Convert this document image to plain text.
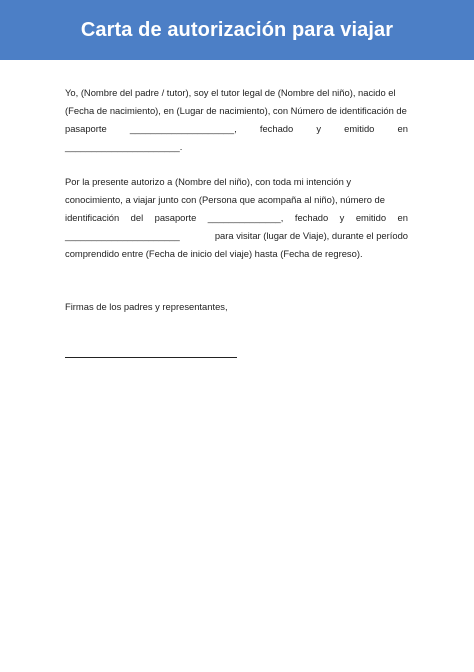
Carta de autorización para viajar
Yo, (Nombre del padre / tutor), soy el tutor legal de (Nombre del niño), nacido el
(Fecha de nacimiento), en (Lugar de nacimiento), con Número de identificación de
pasaporte ____________________, fechado y emitido en
______________________.
Por la presente autorizo a (Nombre del niño), con toda mi intención y
conocimiento, a viajar junto con (Persona que acompaña al niño), número de
identificación del pasaporte ______________, fechado y emitido en
______________________	para visitar (lugar de Viaje), durante el período
comprendido entre (Fecha de inicio del viaje) hasta (Fecha de regreso).
Firmas de los padres y representantes,
